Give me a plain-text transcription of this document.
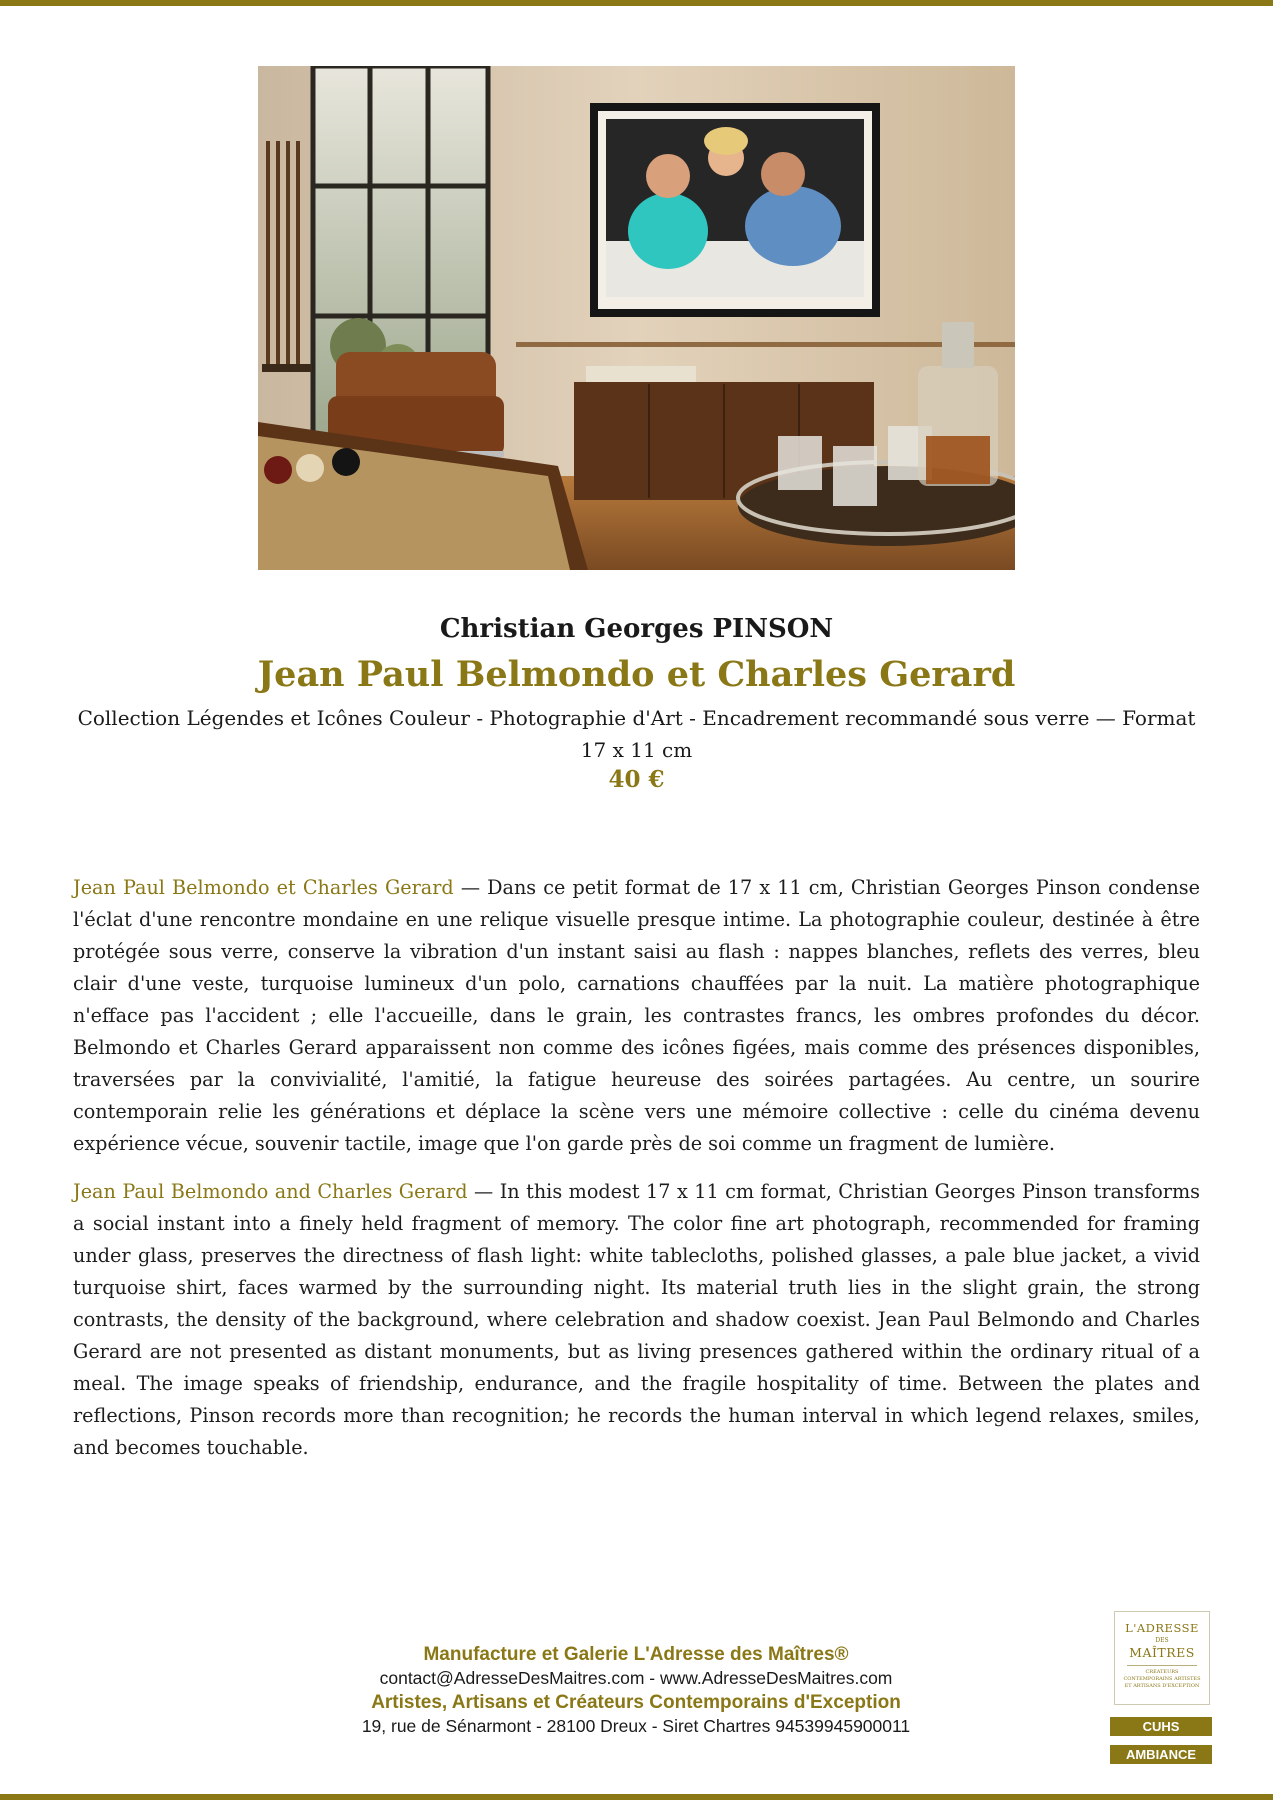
Christian Georges PINSON
Jean Paul Belmondo et Charles Gerard
Collection Légendes et Icônes Couleur - Photographie d'Art - Encadrement recommandé sous verre — Format 17 x 11 cm
40 €

Jean Paul Belmondo et Charles Gerard — Dans ce petit format de 17 x 11 cm, Christian Georges Pinson condense l'éclat d'une rencontre mondaine en une relique visuelle presque intime. La photographie couleur, destinée à être protégée sous verre, conserve la vibration d'un instant saisi au flash : nappes blanches, reflets des verres, bleu clair d'une veste, turquoise lumineux d'un polo, carnations chauffées par la nuit. La matière photographique n'efface pas l'accident ; elle l'accueille, dans le grain, les contrastes francs, les ombres profondes du décor. Belmondo et Charles Gerard apparaissent non comme des icônes figées, mais comme des présences disponibles, traversées par la convivialité, l'amitié, la fatigue heureuse des soirées partagées. Au centre, un sourire contemporain relie les générations et déplace la scène vers une mémoire collective : celle du cinéma devenu expérience vécue, souvenir tactile, image que l'on garde près de soi comme un fragment de lumière.

Jean Paul Belmondo and Charles Gerard — In this modest 17 x 11 cm format, Christian Georges Pinson transforms a social instant into a finely held fragment of memory. The color fine art photograph, recommended for framing under glass, preserves the directness of flash light: white tablecloths, polished glasses, a pale blue jacket, a vivid turquoise shirt, faces warmed by the surrounding night. Its material truth lies in the slight grain, the strong contrasts, the density of the background, where celebration and shadow coexist. Jean Paul Belmondo and Charles Gerard are not presented as distant monuments, but as living presences gathered within the ordinary ritual of a meal. The image speaks of friendship, endurance, and the fragile hospitality of time. Between the plates and reflections, Pinson records more than recognition; he records the human interval in which legend relaxes, smiles, and becomes touchable.

Manufacture et Galerie L'Adresse des Maîtres®
contact@AdresseDesMaitres.com - www.AdresseDesMaitres.com
Artistes, Artisans et Créateurs Contemporains d'Exception
19, rue de Sénarmont - 28100 Dreux - Siret Chartres 94539945900011
L'ADRESSE
DES
MAÎTRES
CRÉATEURS CONTEMPORAINS ARTISTES ET ARTISANS D'EXCEPTION
CUHS
AMBIANCE
